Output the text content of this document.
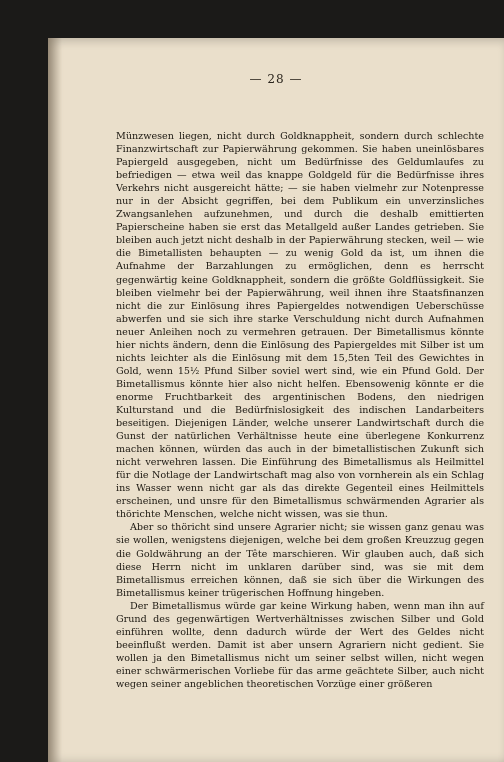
— 28 —

Münzwesen liegen, nicht durch Goldknappheit, sondern durch schlechte Finanzwirtschaft zur Papierwährung gekommen. Sie haben uneinlösbares Papiergeld ausgegeben, nicht um Bedürfnisse des Geldumlaufes zu befriedigen — etwa weil das knappe Goldgeld für die Bedürfnisse ihres Verkehrs nicht ausgereicht hätte; — sie haben vielmehr zur Notenpresse nur in der Absicht gegriffen, bei dem Publikum ein unverzinsliches Zwangsanlehen aufzunehmen, und durch die deshalb emittierten Papierscheine haben sie erst das Metallgeld außer Landes getrieben. Sie bleiben auch jetzt nicht deshalb in der Papierwährung stecken, weil — wie die Bimetallisten behaupten — zu wenig Gold da ist, um ihnen die Aufnahme der Barzahlungen zu ermöglichen, denn es herrscht gegenwärtig keine Goldknappheit, sondern die größte Goldflüssigkeit. Sie bleiben vielmehr bei der Papierwährung, weil ihnen ihre Staatsfinanzen nicht die zur Einlösung ihres Papiergeldes notwendigen Ueberschüsse abwerfen und sie sich ihre starke Verschuldung nicht durch Aufnahmen neuer Anleihen noch zu vermehren getrauen. Der Bimetallismus könnte hier nichts ändern, denn die Einlösung des Papiergeldes mit Silber ist um nichts leichter als die Einlösung mit dem 15,5ten Teil des Gewichtes in Gold, wenn 15½ Pfund Silber soviel wert sind, wie ein Pfund Gold. Der Bimetallismus könnte hier also nicht helfen. Ebensowenig könnte er die enorme Fruchtbarkeit des argentinischen Bodens, den niedrigen Kulturstand und die Bedürfnislosigkeit des indischen Landarbeiters beseitigen. Diejenigen Länder, welche unserer Landwirtschaft durch die Gunst der natürlichen Verhältnisse heute eine überlegene Konkurrenz machen können, würden das auch in der bimetallistischen Zukunft sich nicht verwehren lassen. Die Einführung des Bimetallismus als Heilmittel für die Notlage der Landwirtschaft mag also von vornherein als ein Schlag ins Wasser wenn nicht gar als das direkte Gegenteil eines Heilmittels erscheinen, und unsre für den Bimetallismus schwärmenden Agrarier als thörichte Menschen, welche nicht wissen, was sie thun.

Aber so thöricht sind unsere Agrarier nicht; sie wissen ganz genau was sie wollen, wenigstens diejenigen, welche bei dem großen Kreuzzug gegen die Goldwährung an der Tête marschieren. Wir glauben auch, daß sich diese Herrn nicht im unklaren darüber sind, was sie mit dem Bimetallismus erreichen können, daß sie sich über die Wirkungen des Bimetallismus keiner trügerischen Hoffnung hingeben.

Der Bimetallismus würde gar keine Wirkung haben, wenn man ihn auf Grund des gegenwärtigen Wertverhältnisses zwischen Silber und Gold einführen wollte, denn dadurch würde der Wert des Geldes nicht beeinflußt werden. Damit ist aber unsern Agrariern nicht gedient. Sie wollen ja den Bimetallismus nicht um seiner selbst willen, nicht wegen einer schwärmerischen Vorliebe für das arme geächtete Silber, auch nicht wegen seiner angeblichen theoretischen Vorzüge einer größeren
